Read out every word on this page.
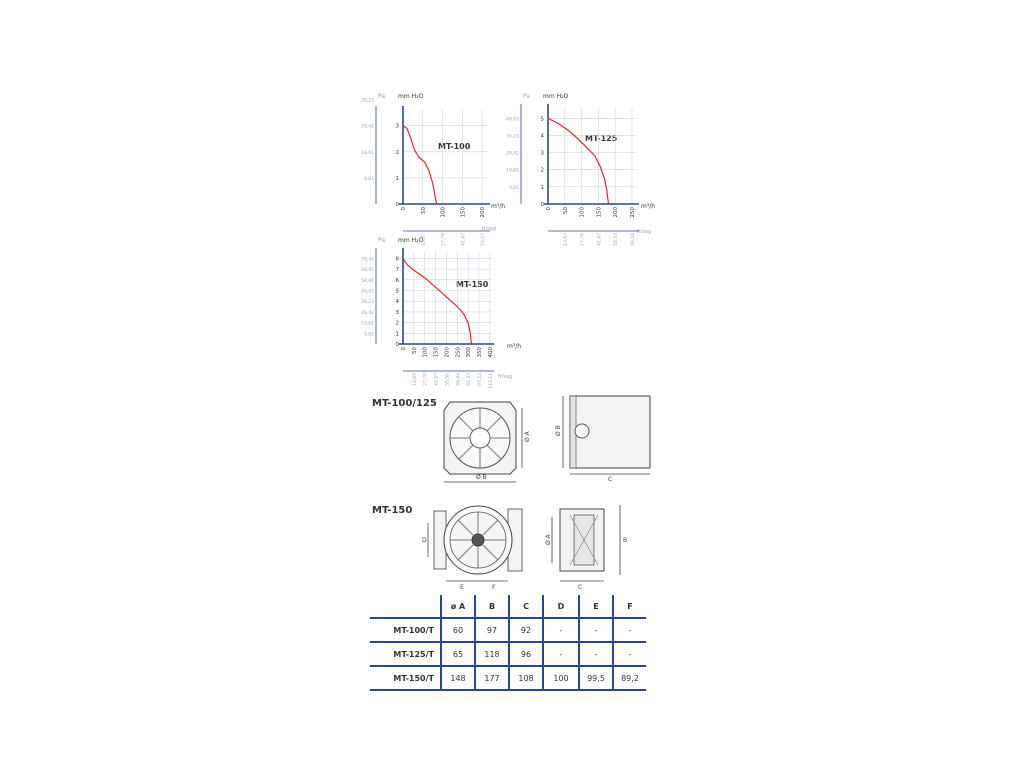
Pa mm H₂O
MT-100
m³/h
ft/sag
0
1
2
3
9,81
19,61
29,42
39,23
0	50	100	150	200
13,87	27,76	41,47	55,57
Pa mm H₂O
MT-125
m³/h
ft/sag
0
1
2
3
4
5
9,81
19,61
29,42
39,23
49,03
0 50 100 150 200 250
13,87	27,76	41,47	55,53	69,44
Pa mm H₂O
MT-150
m³/h
ft/sag
0
1
2
3
4
5
6
7
8
9,81
19,61
29,42
39,23
49,03
58,84
68,65
78,45
0 50 100 150 200 250 300 350 400
13,89 27,78 41,67 55,56 69,44 83,33 97,22 111,11
MT-100/125
Ø A
Ø B
Ø B
C
MT-150
D
E	F
Ø A	B
C
	ø A	B	C	D	E	F
MT-100/T	60	97	92	-	-	-
MT-125/T	65	118	96	-	-	-
MT-150/T	148	177	108	100	99,5	89,2
